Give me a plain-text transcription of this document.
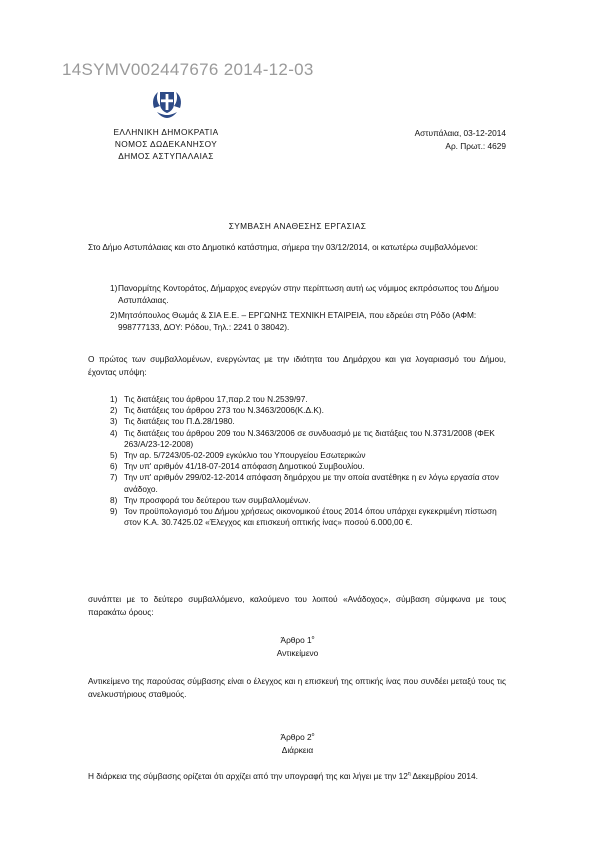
14SYMV002447676 2014-12-03
ΕΛΛΗΝΙΚΗ ΔΗΜΟΚΡΑΤΙΑ
ΝΟΜΟΣ ΔΩΔΕΚΑΝΗΣΟΥ
ΔΗΜΟΣ ΑΣΤΥΠΑΛΑΙΑΣ
Αστυπάλαια, 03-12-2014
Αρ. Πρωτ.: 4629
ΣΥΜΒΑΣΗ ΑΝΑΘΕΣΗΣ ΕΡΓΑΣΙΑΣ
Στο Δήμο Αστυπάλαιας και στο Δημοτικό κατάστημα, σήμερα την 03/12/2014, οι κατωτέρω συμβαλλόμενοι:
1) Πανορμίτης Κοντοράτος, Δήμαρχος ενεργών στην περίπτωση αυτή ως νόμιμος εκπρόσωπος του Δήμου Αστυπάλαιας.
2) Μητσόπουλος Θωμάς & ΣΙΑ Ε.Ε. – ΕΡΓΩΝΗΣ ΤΕΧΝΙΚΗ ΕΤΑΙΡΕΙΑ, που εδρεύει στη Ρόδο (ΑΦΜ: 998777133, ΔΟΥ: Ρόδου, Τηλ.: 2241 0 38042).
Ο πρώτος των συμβαλλομένων, ενεργώντας με την ιδιότητα του Δημάρχου και για λογαριασμό του Δήμου, έχοντας υπόψη:
1) Τις διατάξεις του άρθρου 17,παρ.2 του Ν.2539/97.
2) Τις διατάξεις του άρθρου 273 του Ν.3463/2006(Κ.Δ.Κ).
3) Τις διατάξεις του Π.Δ.28/1980.
4) Τις διατάξεις του άρθρου 209 του Ν.3463/2006 σε συνδυασμό με τις διατάξεις του Ν.3731/2008 (ΦΕΚ 263/Α/23-12-2008)
5) Την αρ. 5/7243/05-02-2009 εγκύκλιο του Υπουργείου Εσωτερικών
6) Την υπ' αριθμόν 41/18-07-2014 απόφαση Δημοτικού Συμβουλίου.
7) Την υπ' αριθμόν 299/02-12-2014 απόφαση δημάρχου με την οποία ανατέθηκε η εν λόγω εργασία στον ανάδοχο.
8) Την προσφορά του δεύτερου των συμβαλλομένων.
9) Τον προϋπολογισμό του Δήμου χρήσεως οικονομικού έτους 2014 όπου υπάρχει εγκεκριμένη πίστωση στον Κ.Α. 30.7425.02 «Έλεγχος και επισκευή οπτικής ίνας» ποσού 6.000,00 €.
συνάπτει με το δεύτερο συμβαλλόμενο, καλούμενο του λοιπού «Ανάδοχος», σύμβαση σύμφωνα με τους παρακάτω όρους:
Άρθρο $1^o$
Αντικείμενο
Αντικείμενο της παρούσας σύμβασης είναι ο έλεγχος και η επισκευή της οπτικής ίνας που συνδέει μεταξύ τους τις ανελκυστήριους σταθμούς.
Άρθρο $2^o$
Διάρκεια
Η διάρκεια της σύμβασης ορίζεται ότι αρχίζει από την υπογραφή της και λήγει με την $12^\eta$ Δεκεμβρίου 2014.
